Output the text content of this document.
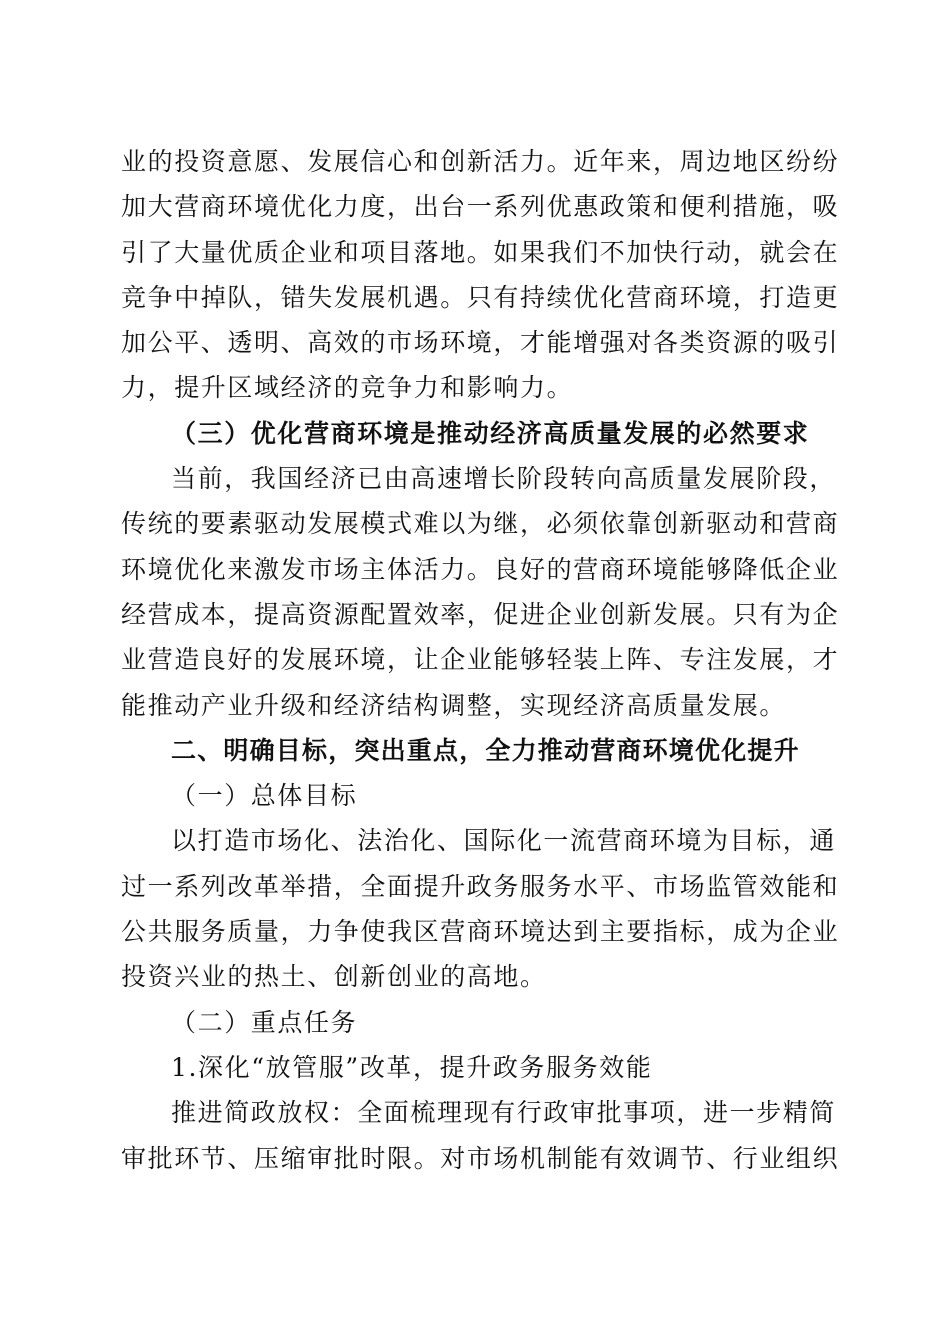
业的投资意愿、发展信心和创新活力。近年来，周边地区纷纷
加大营商环境优化力度，出台一系列优惠政策和便利措施，吸
引了大量优质企业和项目落地。如果我们不加快行动，就会在
竞争中掉队，错失发展机遇。只有持续优化营商环境，打造更
加公平、透明、高效的市场环境，才能增强对各类资源的吸引
力，提升区域经济的竞争力和影响力。
（三）优化营商环境是推动经济高质量发展的必然要求
当前，我国经济已由高速增长阶段转向高质量发展阶段，
传统的要素驱动发展模式难以为继，必须依靠创新驱动和营商
环境优化来激发市场主体活力。良好的营商环境能够降低企业
经营成本，提高资源配置效率，促进企业创新发展。只有为企
业营造良好的发展环境，让企业能够轻装上阵、专注发展，才
能推动产业升级和经济结构调整，实现经济高质量发展。
二、明确目标，突出重点，全力推动营商环境优化提升
（一）总体目标
以打造市场化、法治化、国际化一流营商环境为目标，通
过一系列改革举措，全面提升政务服务水平、市场监管效能和
公共服务质量，力争使我区营商环境达到主要指标，成为企业
投资兴业的热土、创新创业的高地。
（二）重点任务
1.深化“放管服”改革，提升政务服务效能
推进简政放权：全面梳理现有行政审批事项，进一步精简
审批环节、压缩审批时限。对市场机制能有效调节、行业组织
